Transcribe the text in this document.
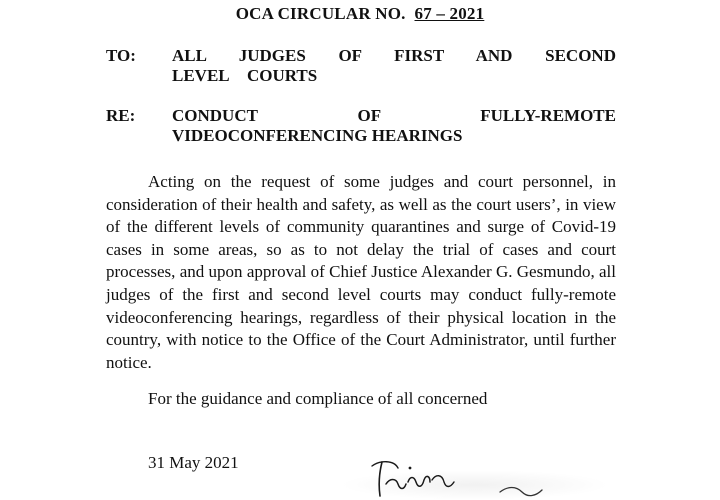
OCA CIRCULAR NO. 67 – 2021
TO:	ALL JUDGES OF FIRST AND SECOND LEVEL COURTS
RE:	CONDUCT OF FULLY-REMOTE VIDEOCONFERENCING HEARINGS

Acting on the request of some judges and court personnel, in consideration of their health and safety, as well as the court users’, in view of the different levels of community quarantines and surge of Covid-19 cases in some areas, so as to not delay the trial of cases and court processes, and upon approval of Chief Justice Alexander G. Gesmundo, all judges of the first and second level courts may conduct fully-remote videoconferencing hearings, regardless of their physical location in the country, with notice to the Office of the Court Administrator, until further notice.

For the guidance and compliance of all concerned
31 May 2021
